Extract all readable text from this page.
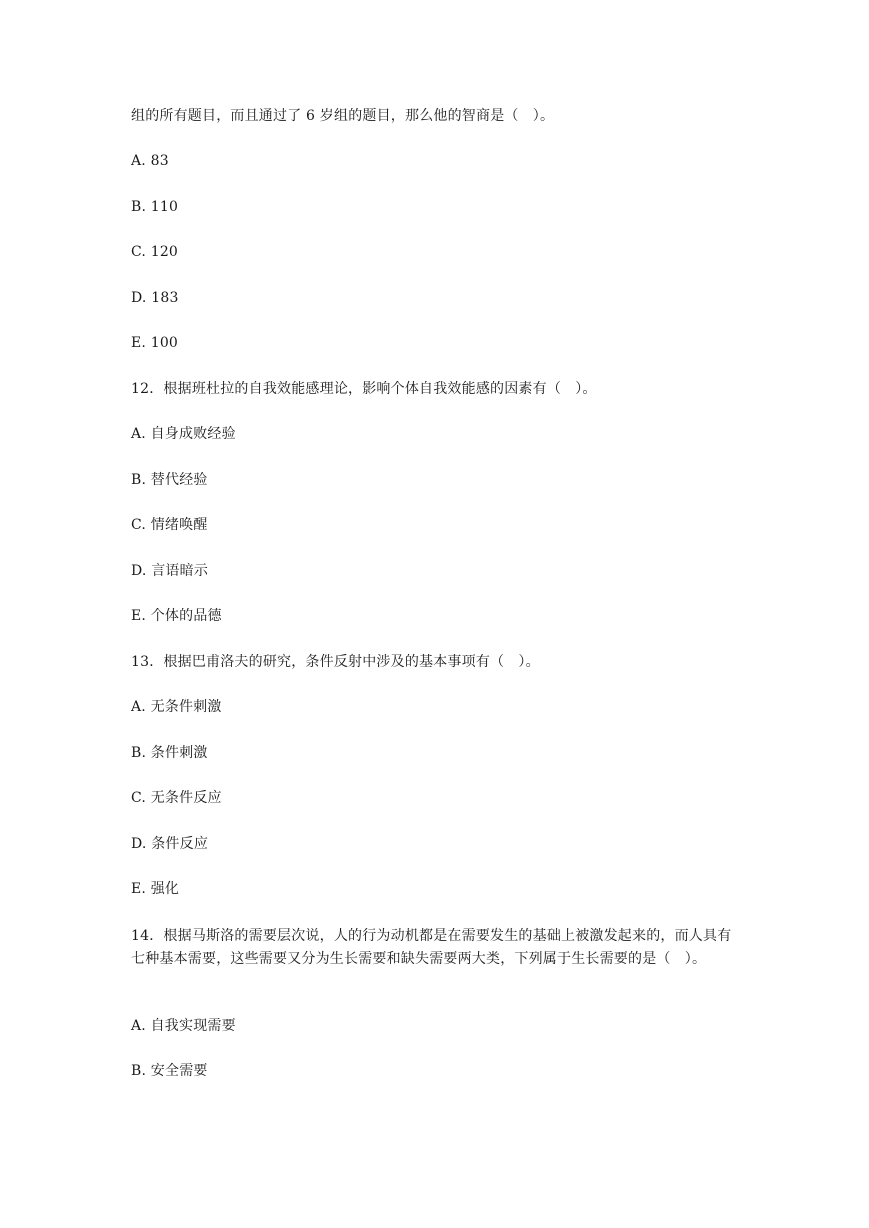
组的所有题目，而且通过了 6 岁组的题目，那么他的智商是（　）。
A. 83
B. 110
C. 120
D. 183
E. 100
12．根据班杜拉的自我效能感理论，影响个体自我效能感的因素有（　）。
A. 自身成败经验
B. 替代经验
C. 情绪唤醒
D. 言语暗示
E. 个体的品德
13．根据巴甫洛夫的研究，条件反射中涉及的基本事项有（　）。
A. 无条件刺激
B. 条件刺激
C. 无条件反应
D. 条件反应
E. 强化
14．根据马斯洛的需要层次说，人的行为动机都是在需要发生的基础上被激发起来的，而人具有七种基本需要，这些需要又分为生长需要和缺失需要两大类，下列属于生长需要的是（　）。
A. 自我实现需要
B. 安全需要
